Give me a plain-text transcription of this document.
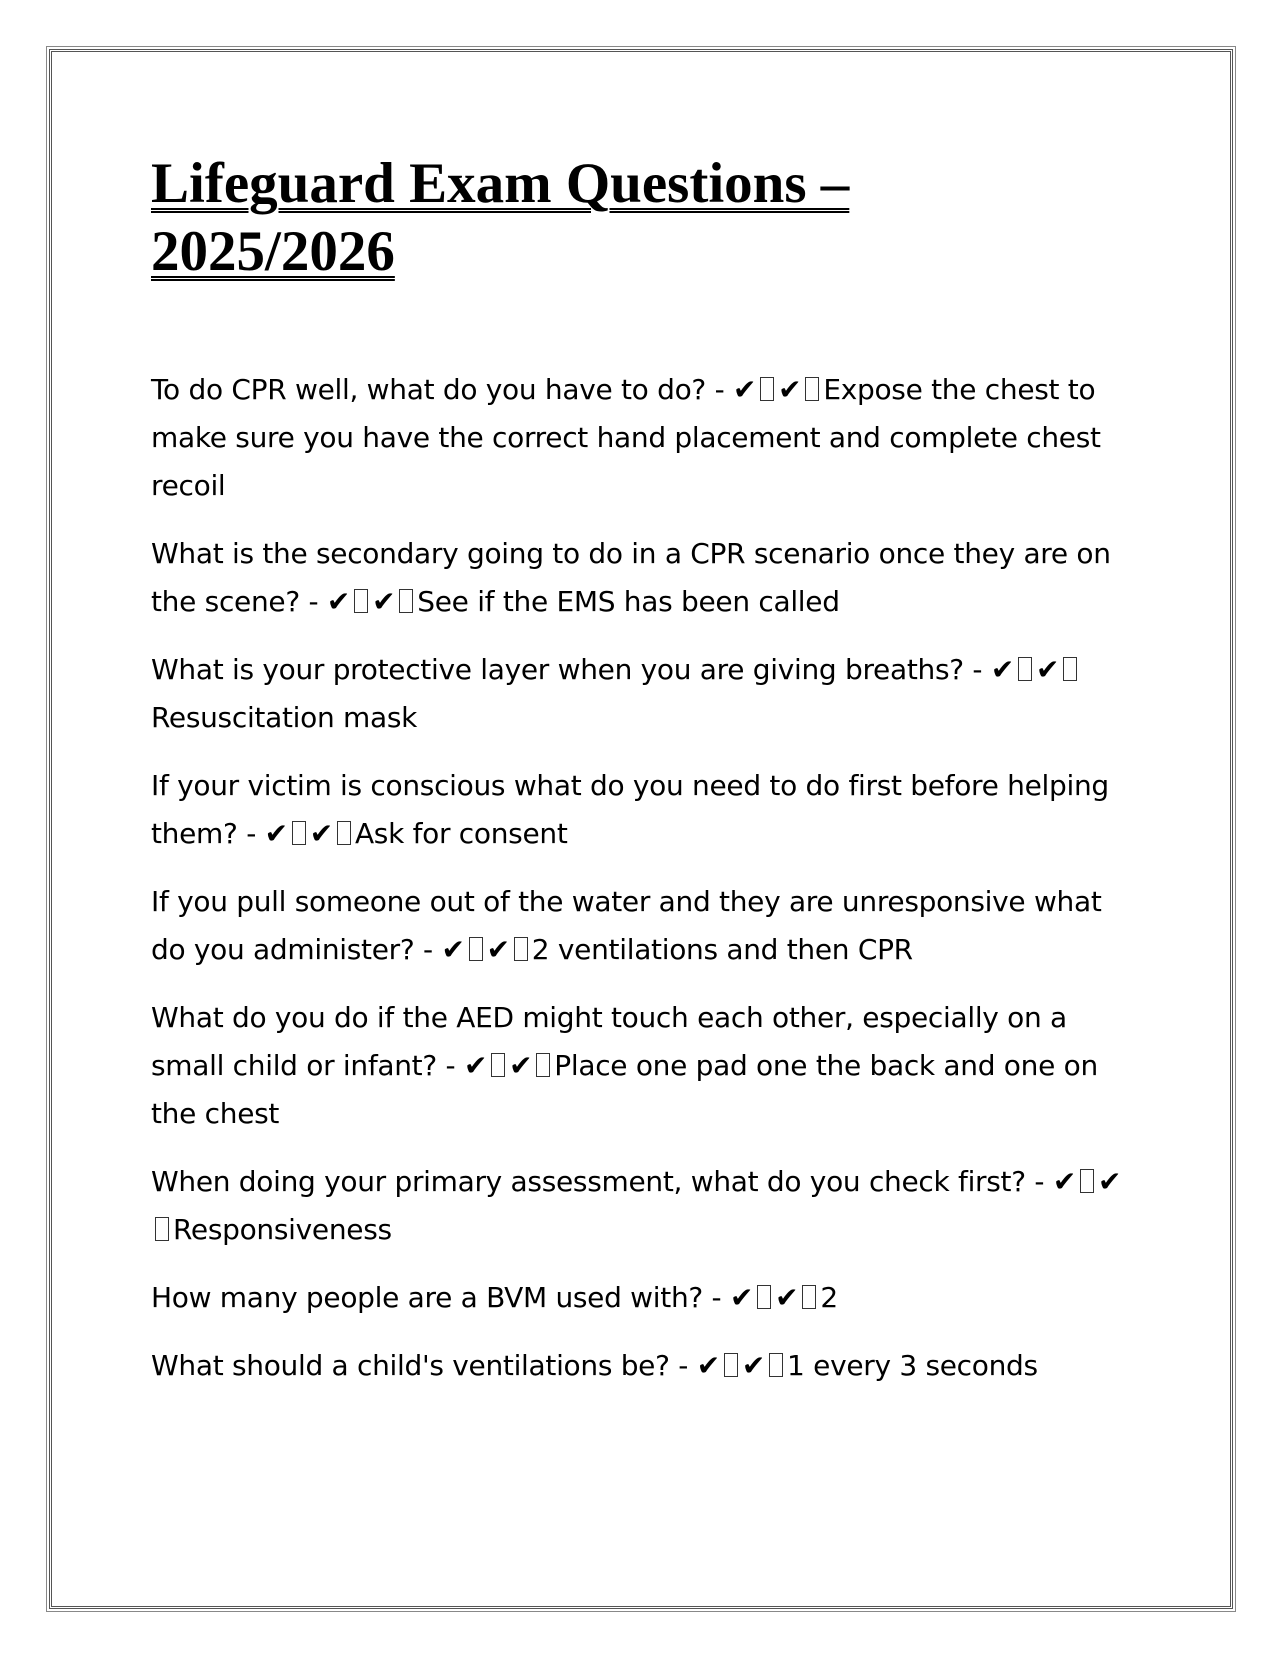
Lifeguard Exam Questions –
2025/2026
To do CPR well, what do you have to do? - ✔ ✔ Expose the chest to make sure you have the correct hand placement and complete chest recoil
What is the secondary going to do in a CPR scenario once they are on the scene? - ✔ ✔ See if the EMS has been called
What is your protective layer when you are giving breaths? - ✔ ✔Resuscitation mask
If your victim is conscious what do you need to do first before helping them? - ✔ ✔ Ask for consent
If you pull someone out of the water and they are unresponsive what do you administer? - ✔ ✔ 2 ventilations and then CPR
What do you do if the AED might touch each other, especially on a small child or infant? - ✔ ✔ Place one pad one the back and one on the chest
When doing your primary assessment, what do you check first? - ✔ ✔Responsiveness
How many people are a BVM used with? - ✔ ✔ 2
What should a child's ventilations be? - ✔ ✔ 1 every 3 seconds
